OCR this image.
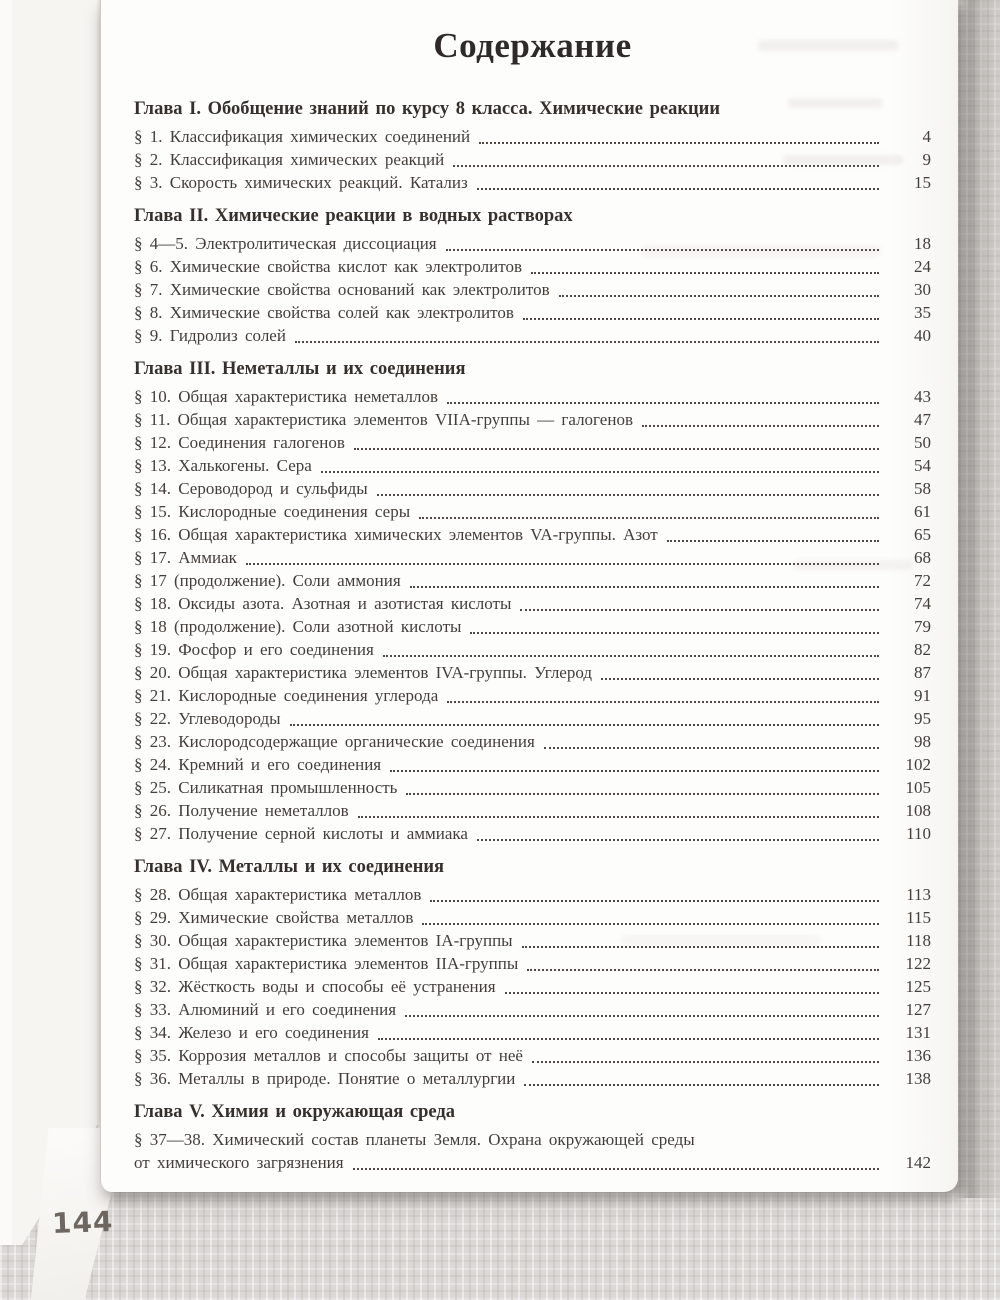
144
Содержание
Глава I. Обобщение знаний по курсу 8 класса. Химические реакции
§ 1. Классификация химических соединений	4
§ 2. Классификация химических реакций	9
§ 3. Скорость химических реакций. Катализ	15
Глава II. Химические реакции в водных растворах
§ 4—5. Электролитическая диссоциация	18
§ 6. Химические свойства кислот как электролитов	24
§ 7. Химические свойства оснований как электролитов	30
§ 8. Химические свойства солей как электролитов	35
§ 9. Гидролиз солей	40
Глава III. Неметаллы и их соединения
§ 10. Общая характеристика неметаллов	43
§ 11. Общая характеристика элементов VIIA-группы — галогенов	47
§ 12. Соединения галогенов	50
§ 13. Халькогены. Сера	54
§ 14. Сероводород и сульфиды	58
§ 15. Кислородные соединения серы	61
§ 16. Общая характеристика химических элементов VA-группы. Азот	65
§ 17. Аммиак	68
§ 17 (продолжение). Соли аммония	72
§ 18. Оксиды азота. Азотная и азотистая кислоты	74
§ 18 (продолжение). Соли азотной кислоты	79
§ 19. Фосфор и его соединения	82
§ 20. Общая характеристика элементов IVA-группы. Углерод	87
§ 21. Кислородные соединения углерода	91
§ 22. Углеводороды	95
§ 23. Кислородсодержащие органические соединения	98
§ 24. Кремний и его соединения	102
§ 25. Силикатная промышленность	105
§ 26. Получение неметаллов	108
§ 27. Получение серной кислоты и аммиака	110
Глава IV. Металлы и их соединения
§ 28. Общая характеристика металлов	113
§ 29. Химические свойства металлов	115
§ 30. Общая характеристика элементов IA-группы	118
§ 31. Общая характеристика элементов IIA-группы	122
§ 32. Жёсткость воды и способы её устранения	125
§ 33. Алюминий и его соединения	127
§ 34. Железо и его соединения	131
§ 35. Коррозия металлов и способы защиты от неё	136
§ 36. Металлы в природе. Понятие о металлургии	138
Глава V. Химия и окружающая среда
§ 37—38. Химический состав планеты Земля. Охрана окружающей среды
от химического загрязнения	142
